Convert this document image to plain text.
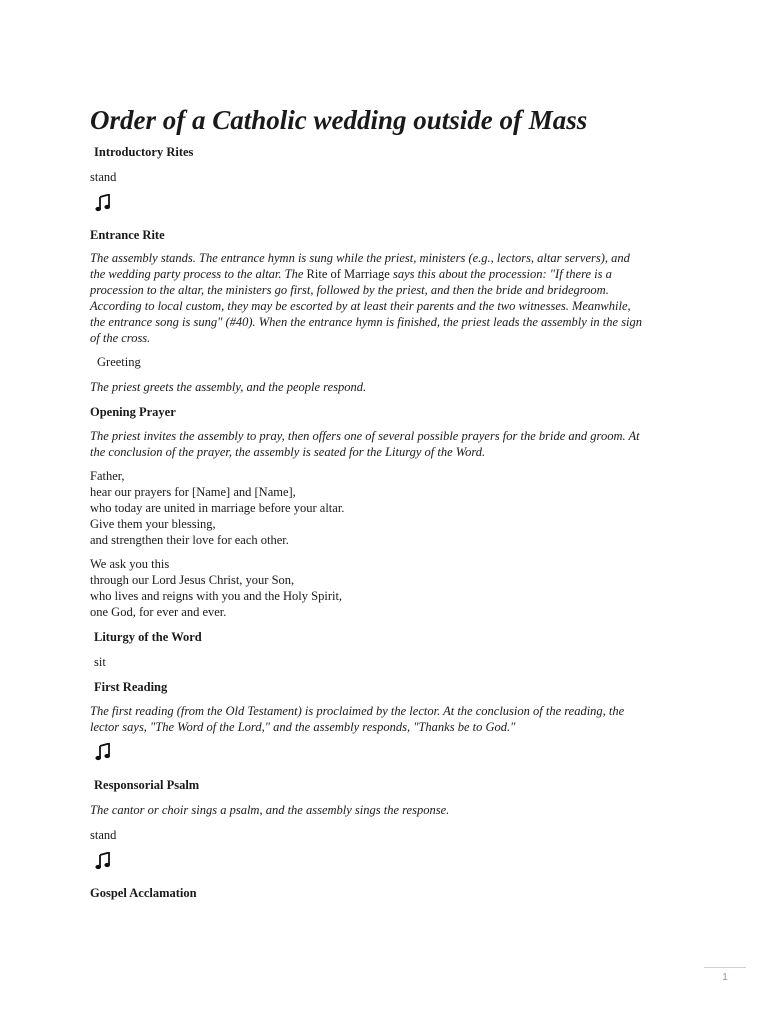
Order of a Catholic wedding outside of Mass
Introductory Rites
stand
Entrance Rite
The assembly stands. The entrance hymn is sung while the priest, ministers (e.g., lectors, altar servers), and
the wedding party process to the altar. The Rite of Marriage says this about the procession: "If there is a
procession to the altar, the ministers go first, followed by the priest, and then the bride and bridegroom.
According to local custom, they may be escorted by at least their parents and the two witnesses. Meanwhile,
the entrance song is sung" (#40). When the entrance hymn is finished, the priest leads the assembly in the sign
of the cross.
Greeting
The priest greets the assembly, and the people respond.
Opening Prayer
The priest invites the assembly to pray, then offers one of several possible prayers for the bride and groom. At
the conclusion of the prayer, the assembly is seated for the Liturgy of the Word.
Father,
hear our prayers for [Name] and [Name],
who today are united in marriage before your altar.
Give them your blessing,
and strengthen their love for each other.
We ask you this
through our Lord Jesus Christ, your Son,
who lives and reigns with you and the Holy Spirit,
one God, for ever and ever.
Liturgy of the Word
sit
First Reading
The first reading (from the Old Testament) is proclaimed by the lector. At the conclusion of the reading, the
lector says, "The Word of the Lord," and the assembly responds, "Thanks be to God."
Responsorial Psalm
The cantor or choir sings a psalm, and the assembly sings the response.
stand
Gospel Acclamation
1
